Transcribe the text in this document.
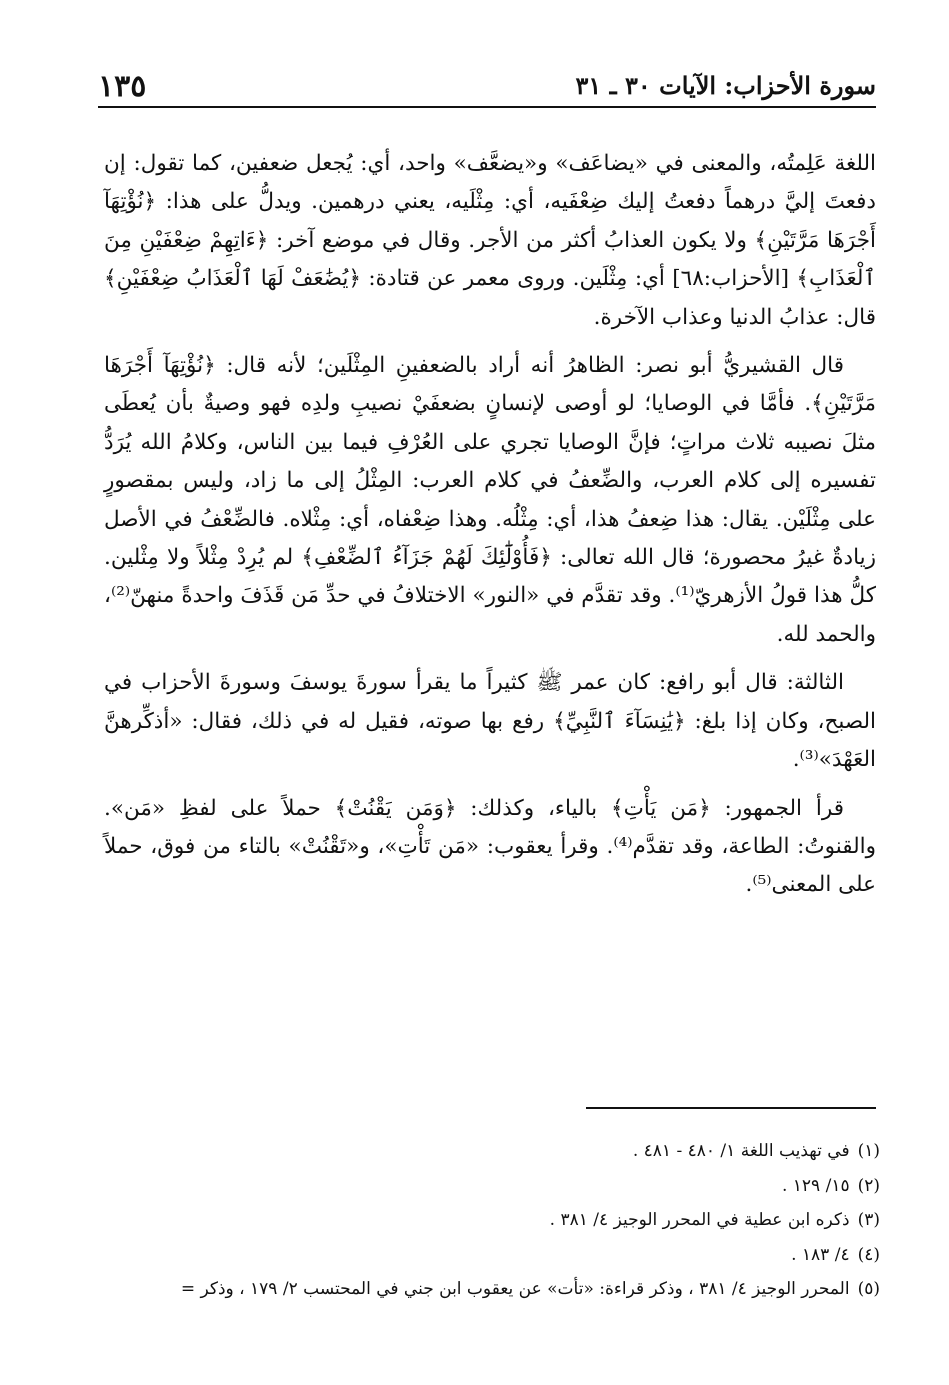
سورة الأحزاب: الآيات ٣٠ ـ ٣١
١٣٥

اللغة عَلِمتُه، والمعنى في «يضاعَف» و«يضعَّف» واحد، أي: يُجعل ضعفين، كما تقول: إن دفعتَ إليَّ درهماً دفعتُ إليك ضِعْفَيه، أي: مِثْلَيه، يعني درهمين. ويدلُّ على هذا: ﴿نُؤْتِهَآ أَجْرَهَا مَرَّتَيْنِ﴾ ولا يكون العذابُ أكثر من الأجر. وقال في موضع آخر: ﴿ءَاتِهِمْ ضِعْفَيْنِ مِنَ ٱلْعَذَابِ﴾ [الأحزاب:٦٨] أي: مِثْلَين. وروى معمر عن قتادة: ﴿يُضَٰعَفْ لَهَا ٱلْعَذَابُ ضِعْفَيْنِ﴾ قال: عذابُ الدنيا وعذاب الآخرة.

قال القشيريُّ أبو نصر: الظاهرُ أنه أراد بالضعفينِ المِثْلَين؛ لأنه قال: ﴿نُؤْتِهَآ أَجْرَهَا مَرَّتَيْنِ﴾. فأمَّا في الوصايا؛ لو أوصى لإنسانٍ بضعفَيْ نصيبِ ولدِه فهو وصيةٌ بأن يُعطَى مثلَ نصيبه ثلاث مراتٍ؛ فإنَّ الوصايا تجري على العُرْفِ فيما بين الناس، وكلامُ الله يُرَدُّ تفسيره إلى كلام العرب، والضِّعفُ في كلام العرب: المِثْلُ إلى ما زاد، وليس بمقصورٍ على مِثْلَيْن. يقال: هذا ضِعفُ هذا، أي: مِثْلُه. وهذا ضِعْفاه، أي: مِثْلاه. فالضِّعْفُ في الأصل زيادةٌ غيرُ محصورة؛ قال الله تعالى: ﴿فَأُوْلَٰٓئِكَ لَهُمْ جَزَآءُ ٱلضِّعْفِ﴾ لم يُرِدْ مِثْلاً ولا مِثْلين. كلُّ هذا قولُ الأزهريّ⁽¹⁾. وقد تقدَّم في «النور» الاختلافُ في حدِّ مَن قَذَفَ واحدةً منهنّ⁽²⁾، والحمد لله.

الثالثة: قال أبو رافع: كان عمر ﷺ كثيراً ما يقرأ سورةَ يوسفَ وسورةَ الأحزاب في الصبح، وكان إذا بلغ: ﴿يَٰنِسَآءَ ٱلنَّبِيِّ﴾ رفع بها صوته، فقيل له في ذلك، فقال: «أذكِّرهنَّ العَهْدَ»⁽³⁾.

قرأ الجمهور: ﴿مَن يَأْتِ﴾ بالياء، وكذلك: ﴿وَمَن يَقْنُتْ﴾ حملاً على لفظِ «مَن». والقنوتُ: الطاعة، وقد تقدَّم⁽⁴⁾. وقرأ يعقوب: «مَن تَأْتِ»، و«تَقْنُتْ» بالتاء من فوق، حملاً على المعنى⁽⁵⁾.

(١)في تهذيب اللغة ١/ ٤٨٠ - ٤٨١ .
(٢)١٥/ ١٢٩ .
(٣)ذكره ابن عطية في المحرر الوجيز ٤/ ٣٨١ .
(٤)٤/ ١٨٣ .
(٥)المحرر الوجيز ٤/ ٣٨١ ، وذكر قراءة: «تأت» عن يعقوب ابن جني في المحتسب ٢/ ١٧٩ ، وذكر =
